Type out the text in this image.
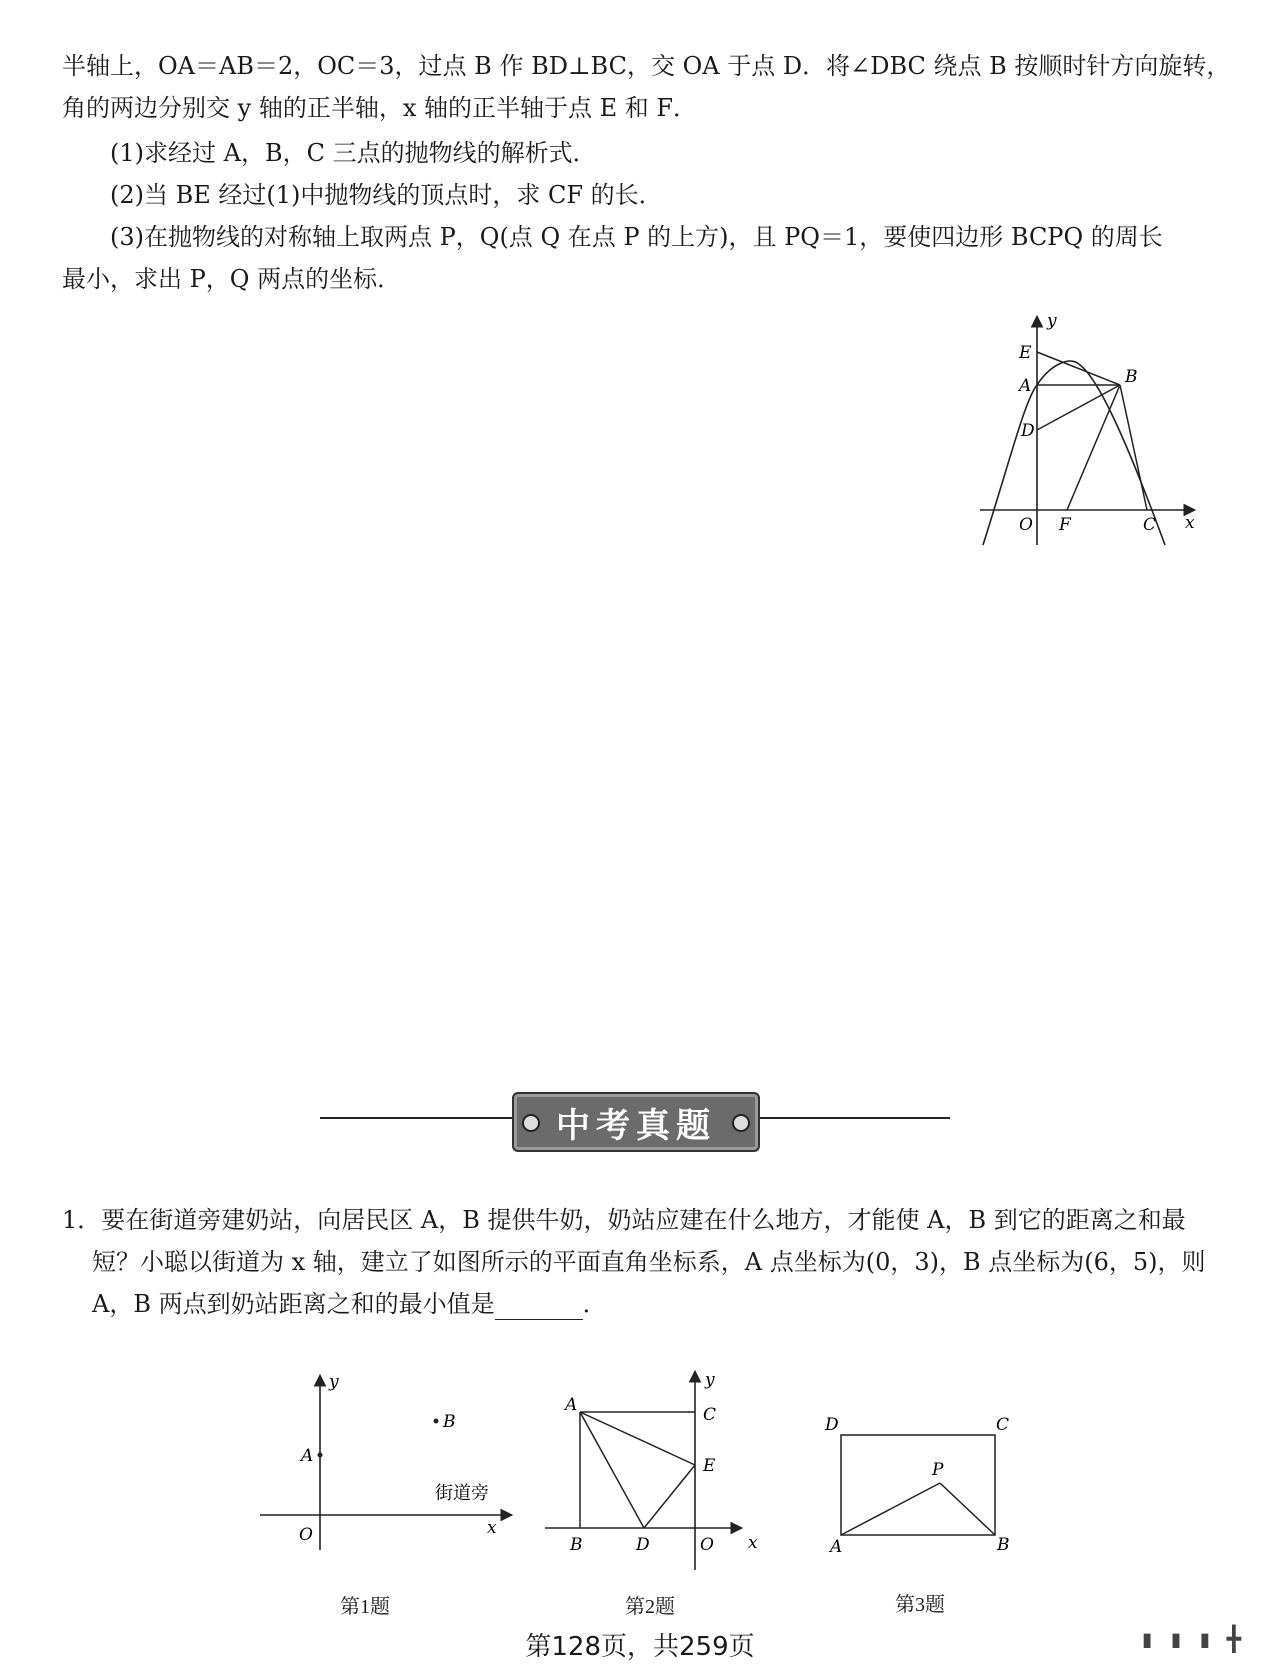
半轴上，OA＝AB＝2，OC＝3，过点 B 作 BD⊥BC，交 OA 于点 D．将∠DBC 绕点 B 按顺时针方向旋转，
角的两边分别交 y 轴的正半轴，x 轴的正半轴于点 E 和 F．
(1)求经过 A，B，C 三点的抛物线的解析式．
(2)当 BE 经过(1)中抛物线的顶点时，求 CF 的长．
(3)在抛物线的对称轴上取两点 P，Q(点 Q 在点 P 的上方)，且 PQ＝1，要使四边形 BCPQ 的周长
最小，求出 P，Q 两点的坐标．
y
E
A	B
D
O F	C x
中考真题
1．要在街道旁建奶站，向居民区 A，B 提供牛奶，奶站应建在什么地方，才能使 A，B 到它的距离之和最
短？小聪以街道为 x 轴，建立了如图所示的平面直角坐标系，A 点坐标为(0，3)，B 点坐标为(6，5)，则
A，B 两点到奶站距离之和的最小值是	．
y
A
B
O
街道旁
x
第1题
y
A	C
E
B	D	O x
第2题
D	C
P
A	B
第3题
第128页，共259页	▮ ▮ ▮ ╋
